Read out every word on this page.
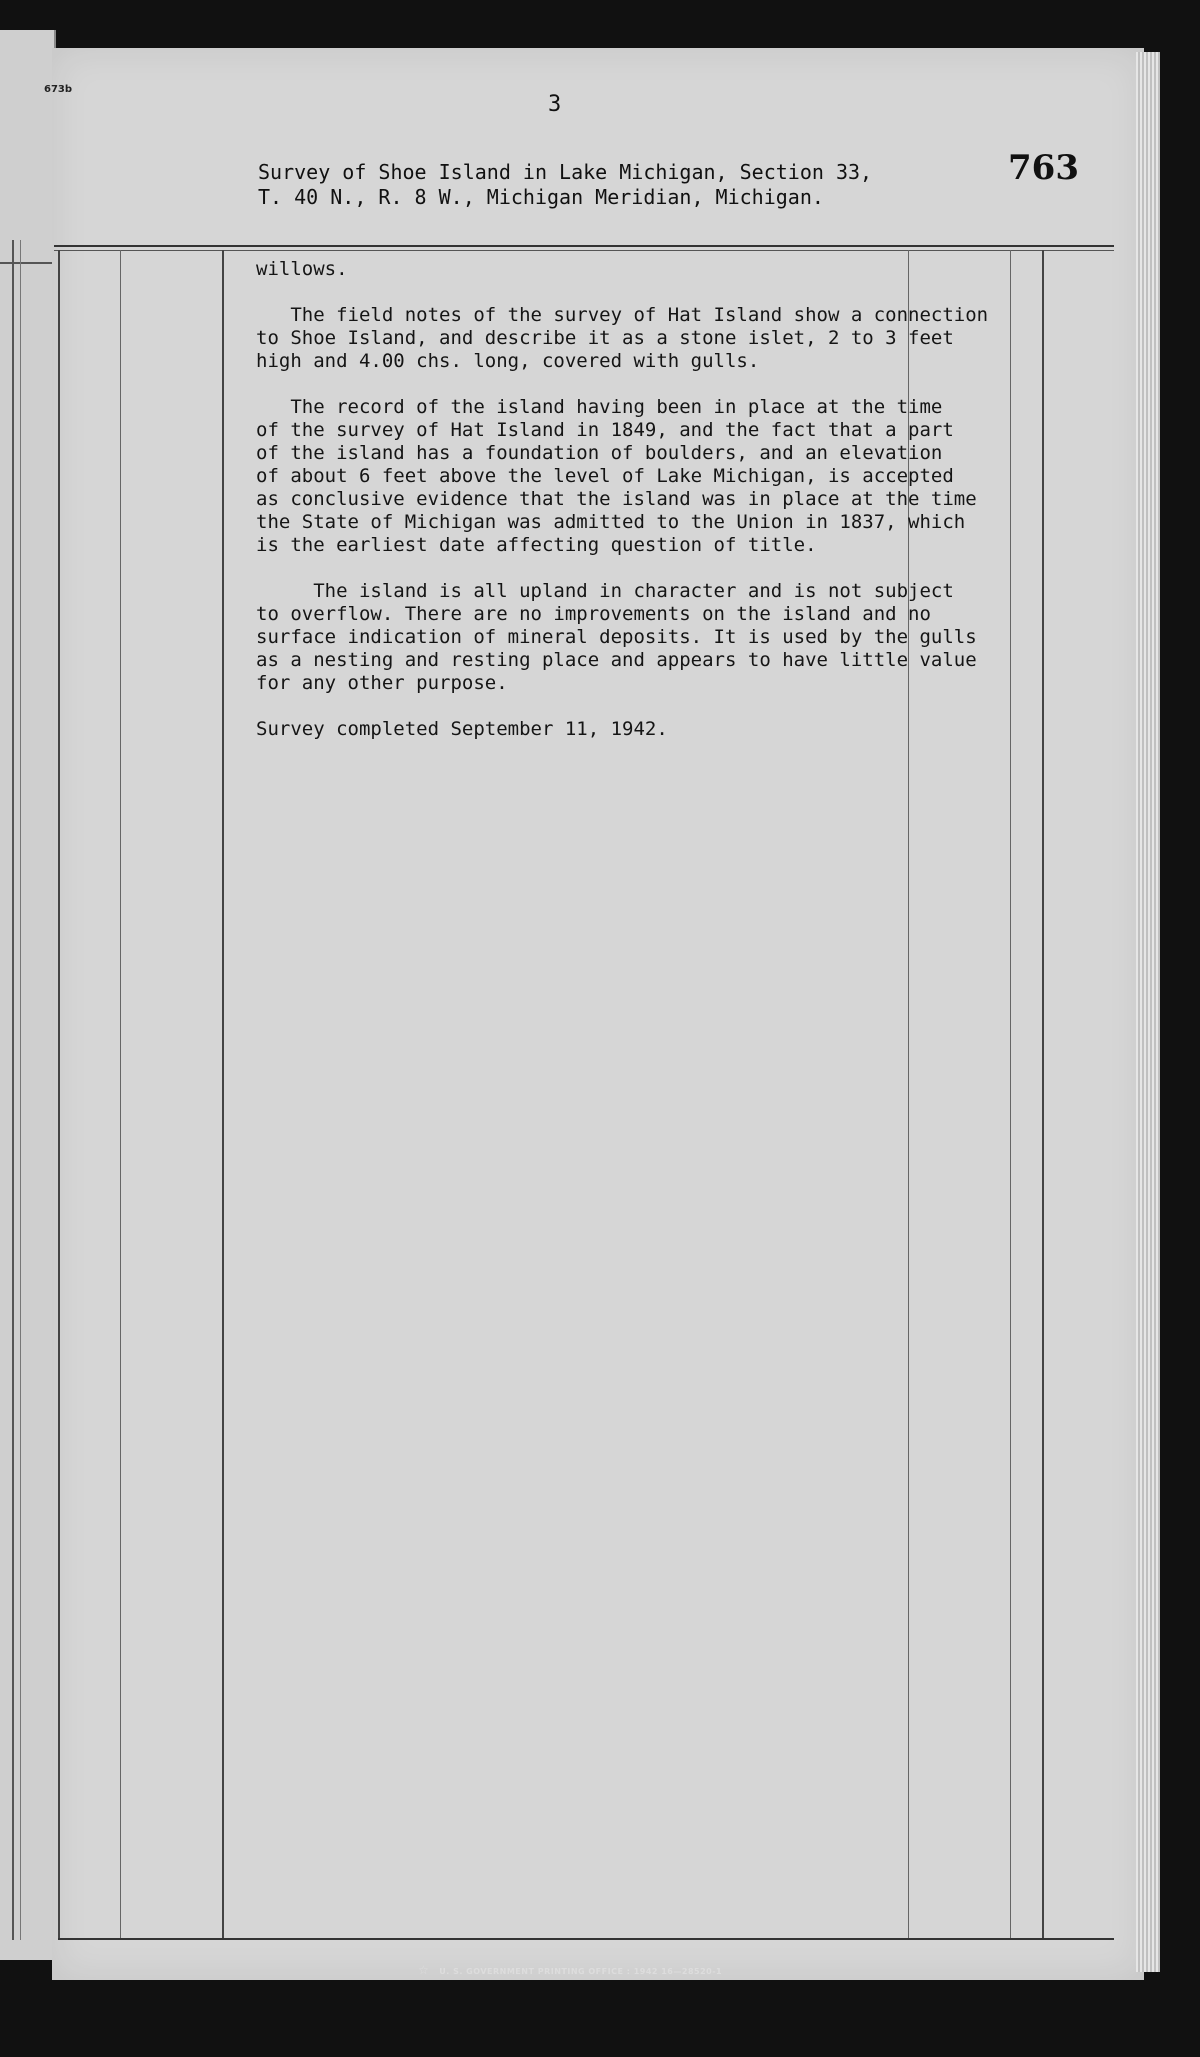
673b
3
763
Survey of Shoe Island in Lake Michigan, Section 33,
T. 40 N., R. 8 W., Michigan Meridian, Michigan.

willows.

The field notes of the survey of Hat Island show a connection
to Shoe Island, and describe it as a stone islet, 2 to 3 feet
high and 4.00 chs. long, covered with gulls.

The record of the island having been in place at the time
of the survey of Hat Island in 1849, and the fact that a part
of the island has a foundation of boulders, and an elevation
of about 6 feet above the level of Lake Michigan, is accepted
as conclusive evidence that the island was in place at the time
the State of Michigan was admitted to the Union in 1837, which
is the earliest date affecting question of title.

The island is all upland in character and is not subject
to overflow. There are no improvements on the island and no
surface indication of mineral deposits. It is used by the gulls
as a nesting and resting place and appears to have little value
for any other purpose.

Survey completed September 11, 1942.

☆ U. S. GOVERNMENT PRINTING OFFICE : 1942 16—28520-1
